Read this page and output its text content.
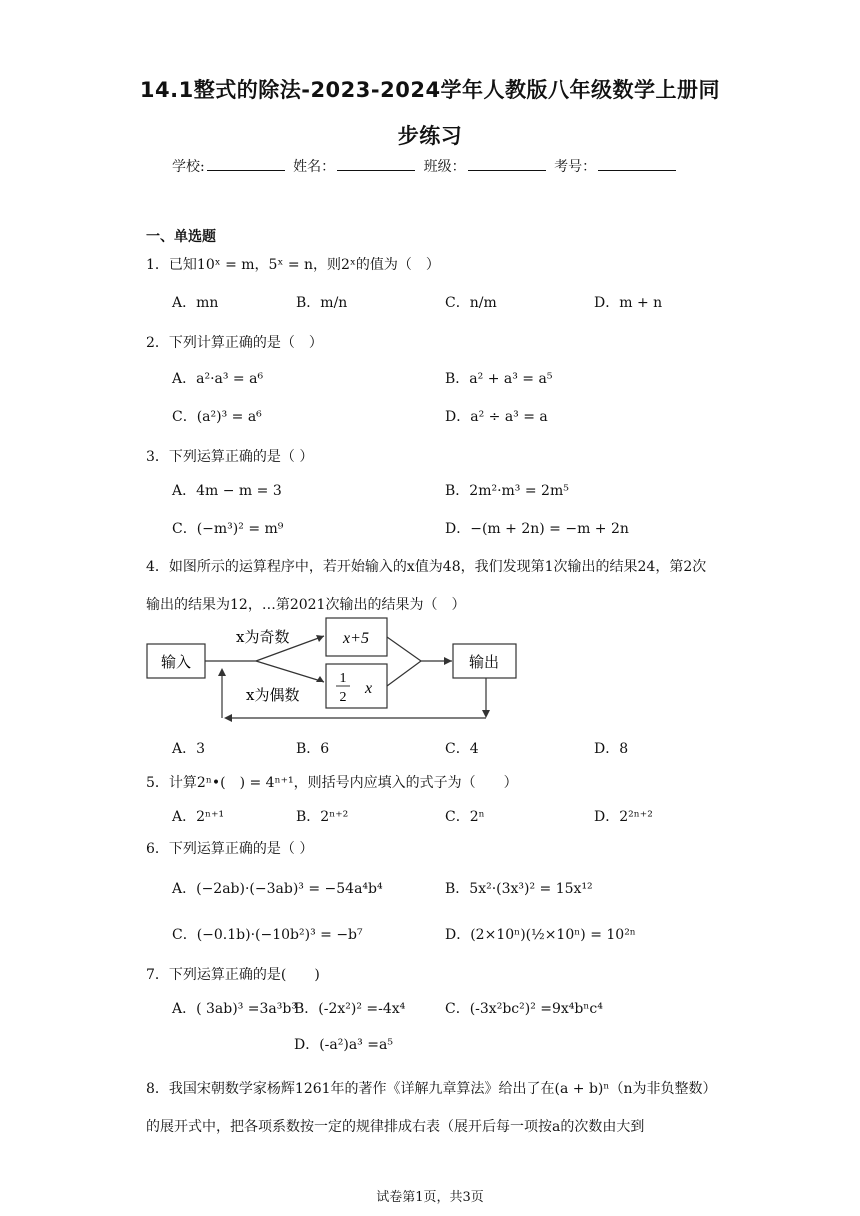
14.1整式的除法-2023-2024学年人教版八年级数学上册同
步练习
学校:	姓名：	班级：	考号：
一、单选题
1．已知10ˣ = m，5ˣ = n，则2ˣ的值为（　）
A．mn	B．m/n	C．n/m	D．m + n
2．下列计算正确的是（　）
A．a²·a³ = a⁶	B．a² + a³ = a⁵
C．(a²)³ = a⁶	D．a² ÷ a³ = a
3．下列运算正确的是（ ）
A．4m − m = 3	B．2m²·m³ = 2m⁵
C．(−m³)² = m⁹	D．−(m + 2n) = −m + 2n
4．如图所示的运算程序中，若开始输入的x值为48，我们发现第1次输出的结果24，第2次输出的结果为12，…第2021次输出的结果为（　）
输入
x为奇数
x为偶数
x+5
1
2
x
输出
A．3	B．6	C．4	D．8
5．计算2ⁿ•(　) = 4ⁿ⁺¹，则括号内应填入的式子为（　　）
A．2ⁿ⁺¹	B．2ⁿ⁺²	C．2ⁿ	D．2²ⁿ⁺²
6．下列运算正确的是（ ）
A．(−2ab)·(−3ab)³ = −54a⁴b⁴	B．5x²·(3x³)² = 15x¹²
C．(−0.1b)·(−10b²)³ = −b⁷	D．(2×10ⁿ)(½×10ⁿ) = 10²ⁿ
7．下列运算正确的是(　　)
A．( 3ab)³ =3a³b³
B．(-2x²)² =-4x⁴	C．(-3x²bc²)² =9x⁴bⁿc⁴
D．(-a²)a³ =a⁵
8．我国宋朝数学家杨辉1261年的著作《详解九章算法》给出了在(a + b)ⁿ（n为非负整数）的展开式中，把各项系数按一定的规律排成右表（展开后每一项按a的次数由大到
试卷第1页，共3页
